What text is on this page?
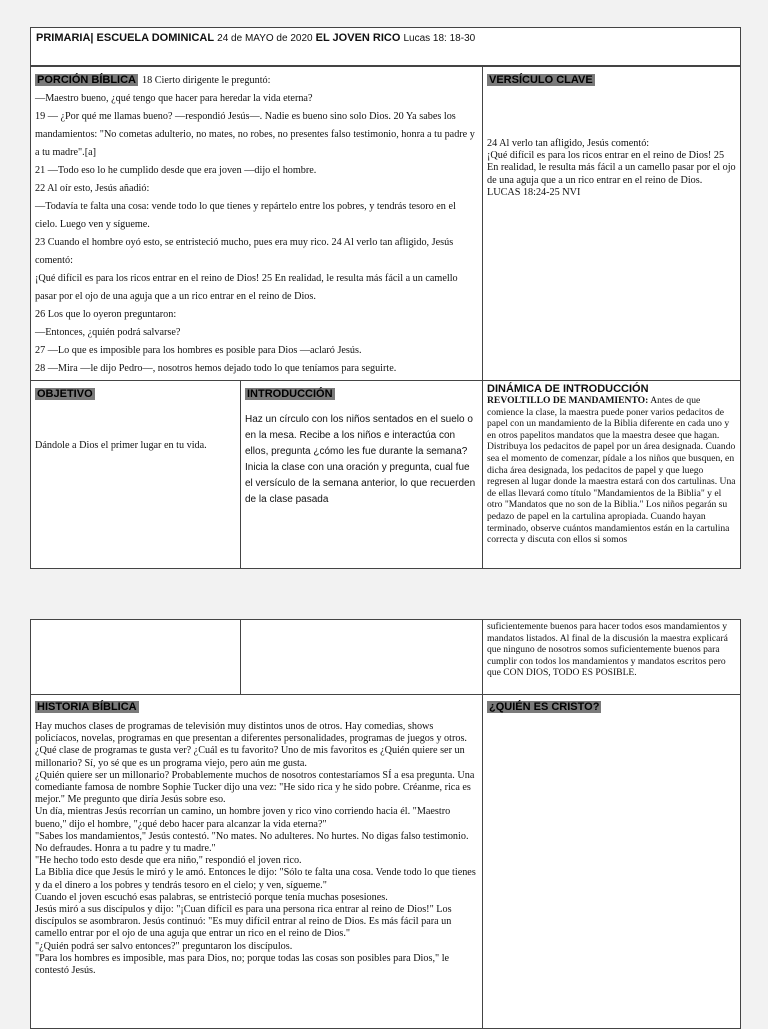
PRIMARIA| ESCUELA DOMINICAL 24 de MAYO de 2020 EL JOVEN RICO Lucas 18: 18-30
PORCIÓN BÍBLICA 18 Cierto dirigente le preguntó:
—Maestro bueno, ¿qué tengo que hacer para heredar la vida eterna?
19 — ¿Por qué me llamas bueno? —respondió Jesús—. Nadie es bueno sino solo Dios. 20 Ya sabes los mandamientos: "No cometas adulterio, no mates, no robes, no presentes falso testimonio, honra a tu padre y a tu madre".[a]
21 —Todo eso lo he cumplido desde que era joven —dijo el hombre.
22 Al oír esto, Jesús añadió:
—Todavía te falta una cosa: vende todo lo que tienes y repártelo entre los pobres, y tendrás tesoro en el cielo. Luego ven y sígueme.
23 Cuando el hombre oyó esto, se entristeció mucho, pues era muy rico. 24 Al verlo tan afligido, Jesús comentó:
¡Qué difícil es para los ricos entrar en el reino de Dios! 25 En realidad, le resulta más fácil a un camello pasar por el ojo de una aguja que a un rico entrar en el reino de Dios.
26 Los que lo oyeron preguntaron:
—Entonces, ¿quién podrá salvarse?
27 —Lo que es imposible para los hombres es posible para Dios —aclaró Jesús.
28 —Mira —le dijo Pedro—, nosotros hemos dejado todo lo que teníamos para seguirte.

VERSÍCULO CLAVE
24 Al verlo tan afligido, Jesús comentó:
¡Qué difícil es para los ricos entrar en el reino de Dios! 25 En realidad, le resulta más fácil a un camello pasar por el ojo de una aguja que a un rico entrar en el reino de Dios.
LUCAS 18:24-25 NVI
OBJETIVO
Dándole a Dios el primer lugar en tu vida.
INTRODUCCIÓN
Haz un círculo con los niños sentados en el suelo o en la mesa. Recibe a los niños e interactúa con ellos, pregunta ¿cómo les fue durante la semana? Inicia la clase con una oración y pregunta, cual fue el versículo de la semana anterior, lo que recuerden de la clase pasada
DINÁMICA DE INTRODUCCIÓN
REVOLTILLO DE MANDAMIENTO: Antes de que comience la clase, la maestra puede poner varios pedacitos de papel con un mandamiento de la Biblia diferente en cada uno y en otros papelitos mandatos que la maestra desee que hagan. Distribuya los pedacitos de papel por un área designada. Cuando sea el momento de comenzar, pídale a los niños que busquen, en dicha área designada, los pedacitos de papel y que luego regresen al lugar donde la maestra estará con dos cartulinas. Una de ellas llevará como título "Mandamientos de la Biblia" y el otro "Mandatos que no son de la Biblia." Los niños pegarán su pedazo de papel en la cartulina apropiada. Cuando hayan terminado, observe cuántos mandamientos están en la cartulina correcta y discuta con ellos si somos
suficientemente buenos para hacer todos esos mandamientos y mandatos listados. Al final de la discusión la maestra explicará que ninguno de nosotros somos suficientemente buenos para cumplir con todos los mandamientos y mandatos escritos pero que CON DIOS, TODO ES POSIBLE.
HISTORIA BÍBLICA
Hay muchos clases de programas de televisión muy distintos unos de otros. Hay comedias, shows policíacos, novelas, programas en que presentan a diferentes personalidades, programas de juegos y otros. ¿Qué clase de programas te gusta ver? ¿Cuál es tu favorito? Uno de mis favoritos es ¿Quién quiere ser un millonario? Sí, yo sé que es un programa viejo, pero aún me gusta.
¿Quién quiere ser un millonario? Probablemente muchos de nosotros contestaríamos SÍ a esa pregunta. Una comediante famosa de nombre Sophie Tucker dijo una vez: "He sido rica y he sido pobre. Créanme, rica es mejor." Me pregunto que diría Jesús sobre eso.
Un día, mientras Jesús recorrían un camino, un hombre joven y rico vino corriendo hacia él. "Maestro bueno," dijo el hombre, "¿qué debo hacer para alcanzar la vida eterna?"
"Sabes los mandamientos," Jesús contestó. "No mates. No adulteres. No hurtes. No digas falso testimonio. No defraudes. Honra a tu padre y tu madre."
"He hecho todo esto desde que era niño," respondió el joven rico.
La Biblia dice que Jesús le miró y le amó. Entonces le dijo: "Sólo te falta una cosa. Vende todo lo que tienes y da el dinero a los pobres y tendrás tesoro en el cielo; y ven, sígueme."
Cuando el joven escuchó esas palabras, se entristeció porque tenía muchas posesiones.
Jesús miró a sus discípulos y dijo: "¡Cuan difícil es para una persona rica entrar al reino de Dios!" Los discípulos se asombraron. Jesús continuó: "Es muy difícil entrar al reino de Dios. Es más fácil para un camello entrar por el ojo de una aguja que entrar un rico en el reino de Dios."
"¿Quién podrá ser salvo entonces?" preguntaron los discípulos.
"Para los hombres es imposible, mas para Dios, no; porque todas las cosas son posibles para Dios," le contestó Jesús.
¿QUIÉN ES CRISTO?
